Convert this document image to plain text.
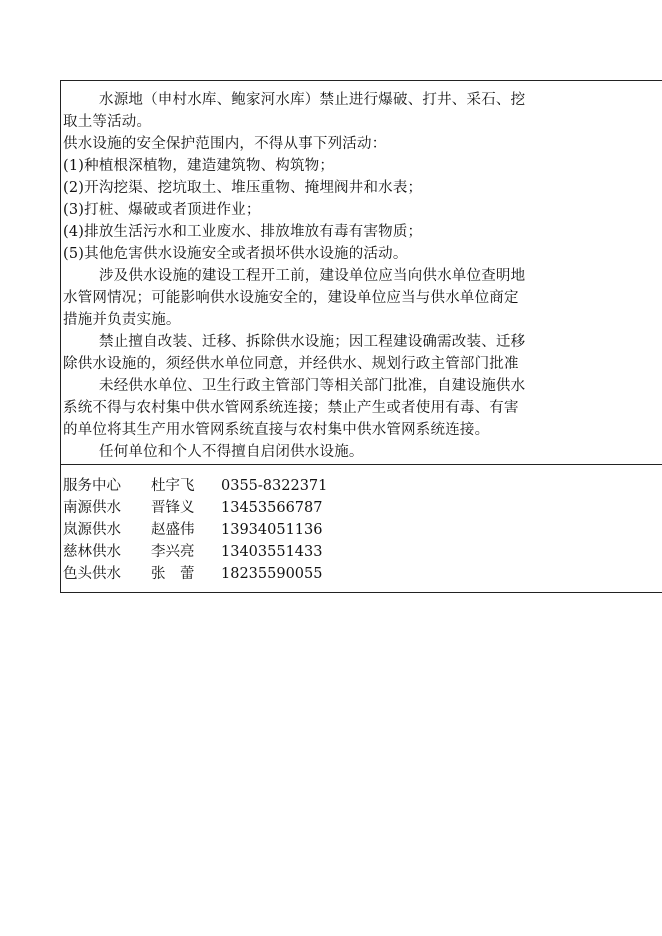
水源地（申村水库、鲍家河水库）禁止进行爆破、打井、采石、挖
取土等活动。
供水设施的安全保护范围内，不得从事下列活动：
(1)种植根深植物，建造建筑物、构筑物；
(2)开沟挖渠、挖坑取土、堆压重物、掩埋阀井和水表；
(3)打桩、爆破或者顶进作业；
(4)排放生活污水和工业废水、排放堆放有毒有害物质；
(5)其他危害供水设施安全或者损坏供水设施的活动。
涉及供水设施的建设工程开工前，建设单位应当向供水单位查明地
水管网情况；可能影响供水设施安全的，建设单位应当与供水单位商定
措施并负责实施。
禁止擅自改装、迁移、拆除供水设施；因工程建设确需改装、迁移
除供水设施的，须经供水单位同意，并经供水、规划行政主管部门批准
未经供水单位、卫生行政主管部门等相关部门批准，自建设施供水
系统不得与农村集中供水管网系统连接；禁止产生或者使用有毒、有害
的单位将其生产用水管网系统直接与农村集中供水管网系统连接。
任何单位和个人不得擅自启闭供水设施。
服务中心 杜宇飞 0355-8322371
南源供水 晋锋义 13453566787
岚源供水 赵盛伟 13934051136
慈林供水 李兴亮 13403551433
色头供水 张　蕾 18235590055
